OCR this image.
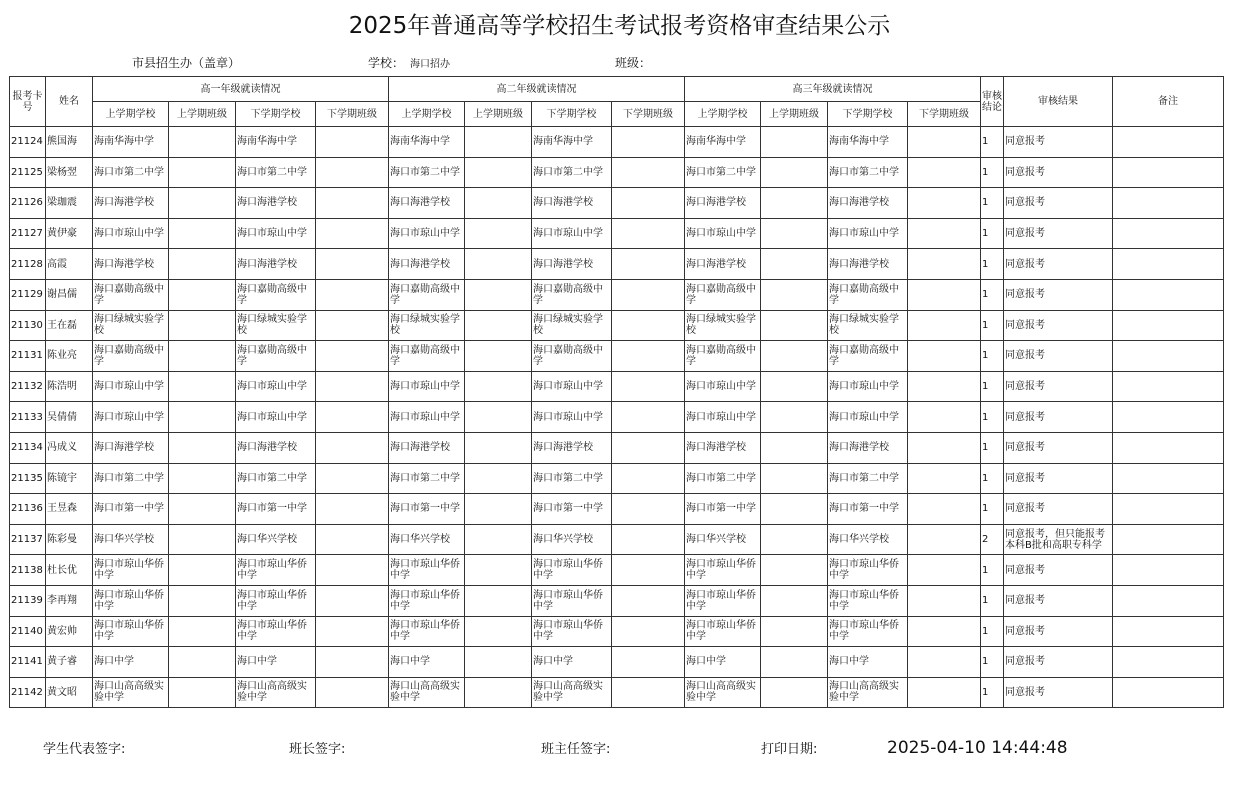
2025年普通高等学校招生考试报考资格审查结果公示
市县招生办（盖章）	学校： 海口招办	班级：
报考卡号	姓名	高一年级就读情况				高二年级就读情况				高三年级就读情况				审核结论	审核结果	备注
		上学期学校	上学期班级	下学期学校	下学期班级	上学期学校	上学期班级	下学期学校	下学期班级	上学期学校	上学期班级	下学期学校	下学期班级			
21124	熊国海	海南华海中学		海南华海中学		海南华海中学		海南华海中学		海南华海中学		海南华海中学		1	同意报考	
21125	梁杨翌	海口市第二中学		海口市第二中学		海口市第二中学		海口市第二中学		海口市第二中学		海口市第二中学		1	同意报考	
21126	梁珈震	海口海港学校		海口海港学校		海口海港学校		海口海港学校		海口海港学校		海口海港学校		1	同意报考	
21127	黄伊豪	海口市琼山中学		海口市琼山中学		海口市琼山中学		海口市琼山中学		海口市琼山中学		海口市琼山中学		1	同意报考	
21128	高霞	海口海港学校		海口海港学校		海口海港学校		海口海港学校		海口海港学校		海口海港学校		1	同意报考	
21129	谢昌儒	海口嘉勋高级中学		海口嘉勋高级中学		海口嘉勋高级中学		海口嘉勋高级中学		海口嘉勋高级中学		海口嘉勋高级中学		1	同意报考	
21130	王在磊	海口绿城实验学校		海口绿城实验学校		海口绿城实验学校		海口绿城实验学校		海口绿城实验学校		海口绿城实验学校		1	同意报考	
21131	陈业亮	海口嘉勋高级中学		海口嘉勋高级中学		海口嘉勋高级中学		海口嘉勋高级中学		海口嘉勋高级中学		海口嘉勋高级中学		1	同意报考	
21132	陈浩明	海口市琼山中学		海口市琼山中学		海口市琼山中学		海口市琼山中学		海口市琼山中学		海口市琼山中学		1	同意报考	
21133	吴倩倩	海口市琼山中学		海口市琼山中学		海口市琼山中学		海口市琼山中学		海口市琼山中学		海口市琼山中学		1	同意报考	
21134	冯成义	海口海港学校		海口海港学校		海口海港学校		海口海港学校		海口海港学校		海口海港学校		1	同意报考	
21135	陈镜宇	海口市第二中学		海口市第二中学		海口市第二中学		海口市第二中学		海口市第二中学		海口市第二中学		1	同意报考	
21136	王昱森	海口市第一中学		海口市第一中学		海口市第一中学		海口市第一中学		海口市第一中学		海口市第一中学		1	同意报考	
21137	陈彩曼	海口华兴学校		海口华兴学校		海口华兴学校		海口华兴学校		海口华兴学校		海口华兴学校		2	同意报考，但只能报考本科B批和高职专科学	
21138	杜长优	海口市琼山华侨中学		海口市琼山华侨中学		海口市琼山华侨中学		海口市琼山华侨中学		海口市琼山华侨中学		海口市琼山华侨中学		1	同意报考	
21139	李再翔	海口市琼山华侨中学		海口市琼山华侨中学		海口市琼山华侨中学		海口市琼山华侨中学		海口市琼山华侨中学		海口市琼山华侨中学		1	同意报考	
21140	黄宏帅	海口市琼山华侨中学		海口市琼山华侨中学		海口市琼山华侨中学		海口市琼山华侨中学		海口市琼山华侨中学		海口市琼山华侨中学		1	同意报考	
21141	黄子睿	海口中学		海口中学		海口中学		海口中学		海口中学		海口中学		1	同意报考	
21142	黄文昭	海口山高高级实验中学		海口山高高级实验中学		海口山高高级实验中学		海口山高高级实验中学		海口山高高级实验中学		海口山高高级实验中学		1	同意报考	
学生代表签字:	班长签字:	班主任签字:	打印日期:	2025-04-10 14:44:48
